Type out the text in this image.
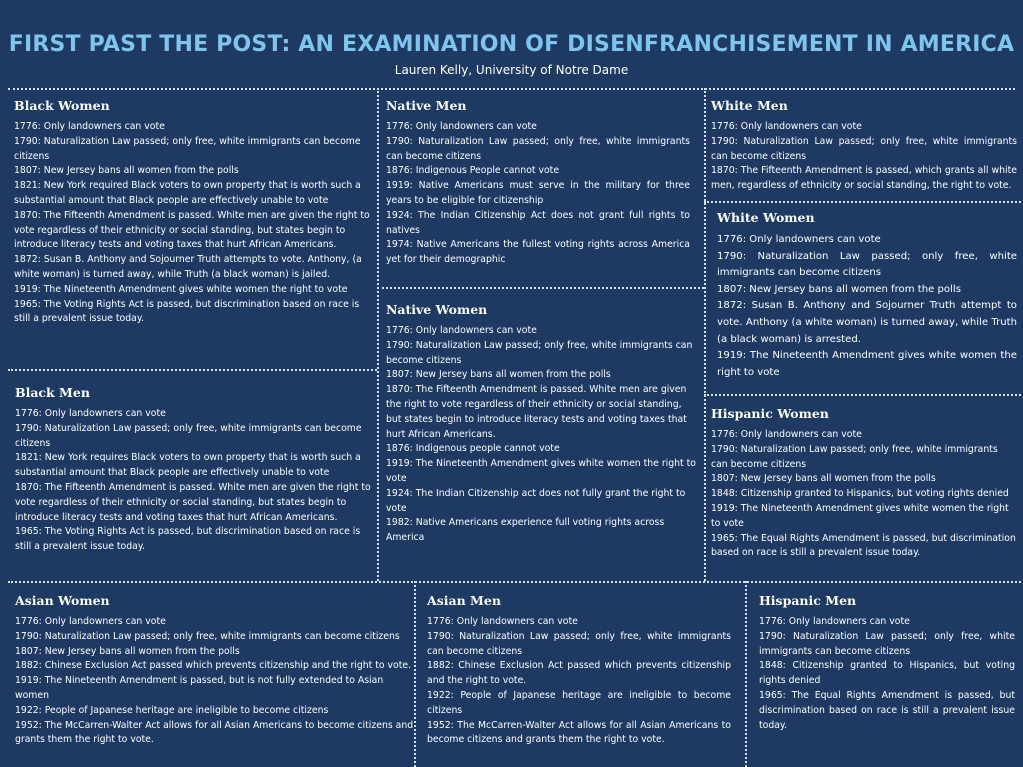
FIRST PAST THE POST: AN EXAMINATION OF DISENFRANCHISEMENT IN AMERICA
Lauren Kelly, University of Notre Dame
Black Women
1776: Only landowners can vote
1790: Naturalization Law passed; only free, white immigrants can become citizens
1807: New Jersey bans all women from the polls
1821: New York required Black voters to own property that is worth such a substantial amount that Black people are effectively unable to vote
1870: The Fifteenth Amendment is passed. White men are given the right to vote regardless of their ethnicity or social standing, but states begin to introduce literacy tests and voting taxes that hurt African Americans.
1872: Susan B. Anthony and Sojourner Truth attempts to vote. Anthony, (a white woman) is turned away, while Truth (a black woman) is jailed.
1919: The Nineteenth Amendment gives white women the right to vote
1965: The Voting Rights Act is passed, but discrimination based on race is still a prevalent issue today.
Native Men
1776: Only landowners can vote
1790: Naturalization Law passed; only free, white immigrants can become citizens
1876: Indigenous People cannot vote
1919: Native Americans must serve in the military for three years to be eligible for citizenship
1924: The Indian Citizenship Act does not grant full rights to natives
1974: Native Americans the fullest voting rights across America yet for their demographic
White Men
1776: Only landowners can vote
1790: Naturalization Law passed; only free, white immigrants can become citizens
1870: The Fifteenth Amendment is passed, which grants all white men, regardless of ethnicity or social standing, the right to vote.
White Women
1776: Only landowners can vote
1790: Naturalization Law passed; only free, white immigrants can become citizens
1807: New Jersey bans all women from the polls
1872: Susan B. Anthony and Sojourner Truth attempt to vote. Anthony (a white woman) is turned away, while Truth (a black woman) is arrested.
1919: The Nineteenth Amendment gives white women the right to vote
Native Women
1776: Only landowners can vote
1790: Naturalization Law passed; only free, white immigrants can become citizens
1807: New Jersey bans all women from the polls
1870: The Fifteenth Amendment is passed. White men are given the right to vote regardless of their ethnicity or social standing, but states begin to introduce literacy tests and voting taxes that hurt African Americans.
1876: Indigenous people cannot vote
1919: The Nineteenth Amendment gives white women the right to vote
1924: The Indian Citizenship act does not fully grant the right to vote
1982: Native Americans experience full voting rights across America
Black Men
1776: Only landowners can vote
1790: Naturalization Law passed; only free, white immigrants can become citizens
1821: New York requires Black voters to own property that is worth such a substantial amount that Black people are effectively unable to vote
1870: The Fifteenth Amendment is passed. White men are given the right to vote regardless of their ethnicity or social standing, but states begin to introduce literacy tests and voting taxes that hurt African Americans.
1965: The Voting Rights Act is passed, but discrimination based on race is still a prevalent issue today.
Hispanic Women
1776: Only landowners can vote
1790: Naturalization Law passed; only free, white immigrants can become citizens
1807: New Jersey bans all women from the polls
1848: Citizenship granted to Hispanics, but voting rights denied
1919: The Nineteenth Amendment gives white women the right to vote
1965: The Equal Rights Amendment is passed, but discrimination based on race is still a prevalent issue today.
Asian Women
1776: Only landowners can vote
1790: Naturalization Law passed; only free, white immigrants can become citizens
1807: New Jersey bans all women from the polls
1882: Chinese Exclusion Act passed which prevents citizenship and the right to vote.
1919: The Nineteenth Amendment is passed, but is not fully extended to Asian women
1922: People of Japanese heritage are ineligible to become citizens
1952: The McCarren-Walter Act allows for all Asian Americans to become citizens and grants them the right to vote.
Asian Men
1776: Only landowners can vote
1790: Naturalization Law passed; only free, white immigrants can become citizens
1882: Chinese Exclusion Act passed which prevents citizenship and the right to vote.
1922: People of Japanese heritage are ineligible to become citizens
1952: The McCarren-Walter Act allows for all Asian Americans to become citizens and grants them the right to vote.
Hispanic Men
1776: Only landowners can vote
1790: Naturalization Law passed; only free, white immigrants can become citizens
1848: Citizenship granted to Hispanics, but voting rights denied
1965: The Equal Rights Amendment is passed, but discrimination based on race is still a prevalent issue today.
